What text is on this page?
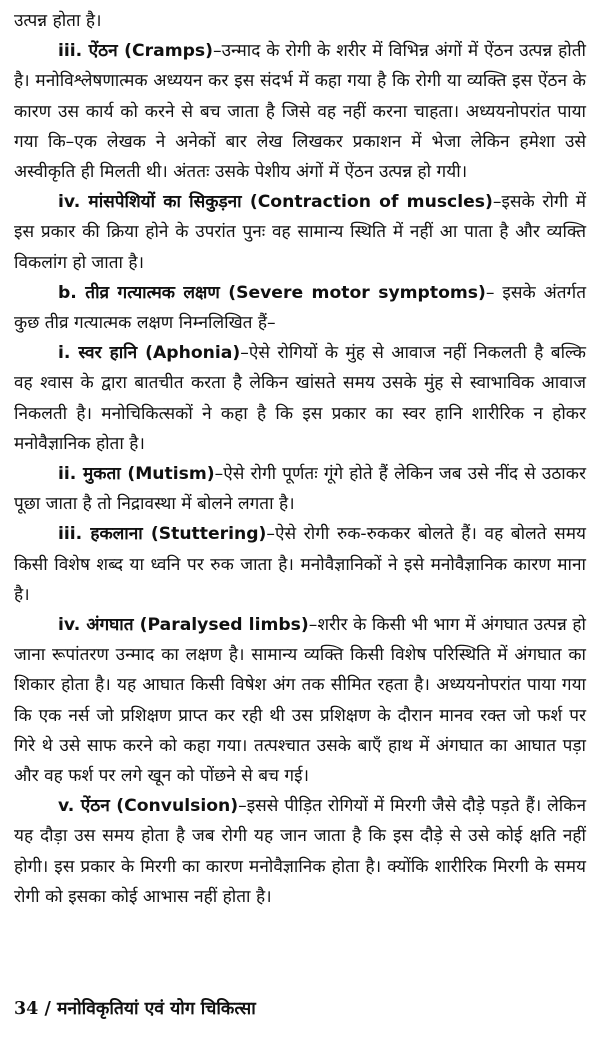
उत्पन्न होता है।

iii. ऐंठन (Cramps)–उन्माद के रोगी के शरीर में विभिन्न अंगों में ऐंठन उत्पन्न होती है। मनोविश्लेषणात्मक अध्ययन कर इस संदर्भ में कहा गया है कि रोगी या व्यक्ति इस ऐंठन के कारण उस कार्य को करने से बच जाता है जिसे वह नहीं करना चाहता। अध्ययनोपरांत पाया गया कि–एक लेखक ने अनेकों बार लेख लिखकर प्रकाशन में भेजा लेकिन हमेशा उसे अस्वीकृति ही मिलती थी। अंततः उसके पेशीय अंगों में ऐंठन उत्पन्न हो गयी।

iv. मांसपेशियों का सिकुड़ना (Contraction of muscles)–इसके रोगी में इस प्रकार की क्रिया होने के उपरांत पुनः वह सामान्य स्थिति में नहीं आ पाता है और व्यक्ति विकलांग हो जाता है।

b. तीव्र गत्यात्मक लक्षण (Severe motor symptoms)– इसके अंतर्गत कुछ तीव्र गत्यात्मक लक्षण निम्नलिखित हैं–

i. स्वर हानि (Aphonia)–ऐसे रोगियों के मुंह से आवाज नहीं निकलती है बल्कि वह श्वास के द्वारा बातचीत करता है लेकिन खांसते समय उसके मुंह से स्वाभाविक आवाज निकलती है। मनोचिकित्सकों ने कहा है कि इस प्रकार का स्वर हानि शारीरिक न होकर मनोवैज्ञानिक होता है।

ii. मुकता (Mutism)–ऐसे रोगी पूर्णतः गूंगे होते हैं लेकिन जब उसे नींद से उठाकर पूछा जाता है तो निद्रावस्था में बोलने लगता है।

iii. हकलाना (Stuttering)–ऐसे रोगी रुक-रुककर बोलते हैं। वह बोलते समय किसी विशेष शब्द या ध्वनि पर रुक जाता है। मनोवैज्ञानिकों ने इसे मनोवैज्ञानिक कारण माना है।

iv. अंगघात (Paralysed limbs)–शरीर के किसी भी भाग में अंगघात उत्पन्न हो जाना रूपांतरण उन्माद का लक्षण है। सामान्य व्यक्ति किसी विशेष परिस्थिति में अंगघात का शिकार होता है। यह आघात किसी विषेश अंग तक सीमित रहता है। अध्ययनोपरांत पाया गया कि एक नर्स जो प्रशिक्षण प्राप्त कर रही थी उस प्रशिक्षण के दौरान मानव रक्त जो फर्श पर गिरे थे उसे साफ करने को कहा गया। तत्पश्चात उसके बाएँ हाथ में अंगघात का आघात पड़ा और वह फर्श पर लगे खून को पोंछने से बच गई।

v. ऐंठन (Convulsion)–इससे पीड़ित रोगियों में मिरगी जैसे दौड़े पड़ते हैं। लेकिन यह दौड़ा उस समय होता है जब रोगी यह जान जाता है कि इस दौड़े से उसे कोई क्षति नहीं होगी। इस प्रकार के मिरगी का कारण मनोवैज्ञानिक होता है। क्योंकि शारीरिक मिरगी के समय रोगी को इसका कोई आभास नहीं होता है।

34 / मनोविकृतियां एवं योग चिकित्सा
